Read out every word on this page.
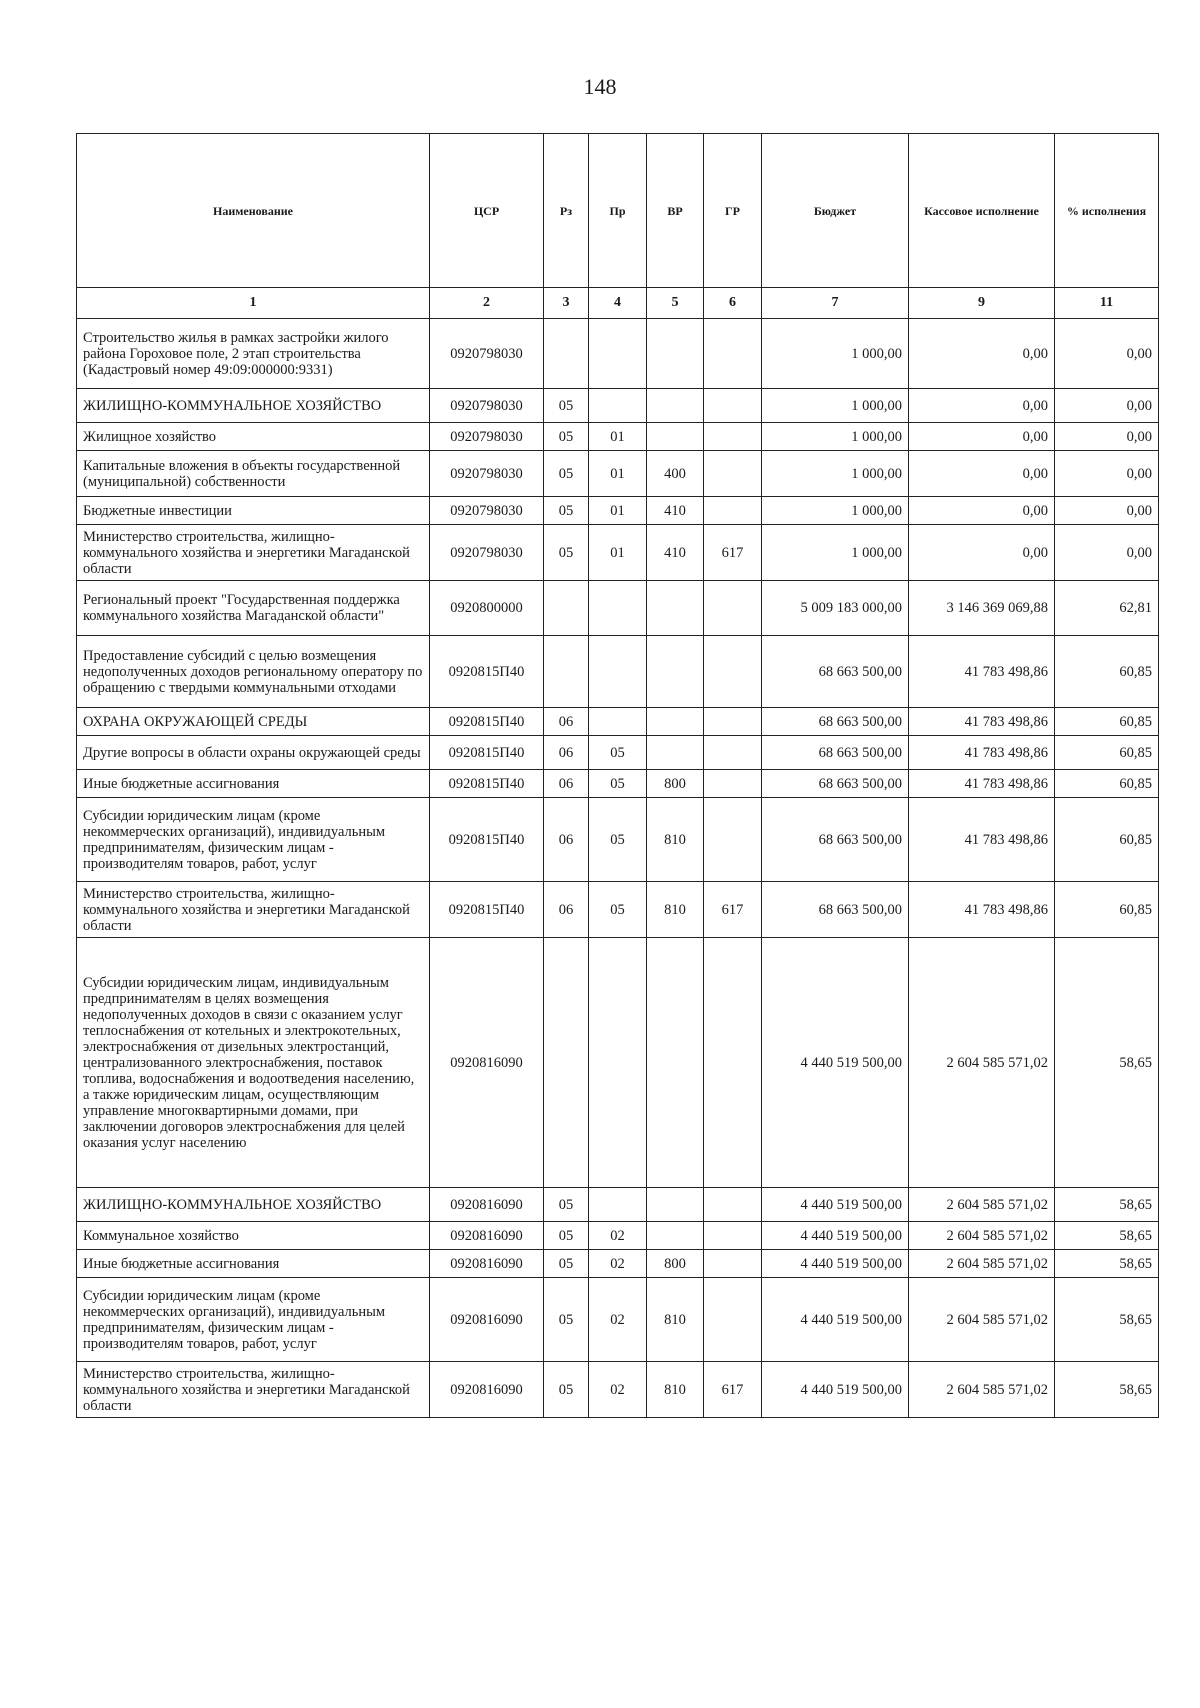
148
Наименование	ЦСР	Рз	Пр	ВР	ГР	Бюджет	Кассовое исполнение	% исполнения
1	2	3	4	5	6	7	9	11
Строительство жилья в рамках застройки жилого района Гороховое поле, 2 этап строительства (Кадастровый номер 49:09:000000:9331)	0920798030					1 000,00	0,00	0,00
ЖИЛИЩНО-КОММУНАЛЬНОЕ ХОЗЯЙСТВО	0920798030	05				1 000,00	0,00	0,00
Жилищное хозяйство	0920798030	05	01			1 000,00	0,00	0,00
Капитальные вложения в объекты государственной (муниципальной) собственности	0920798030	05	01	400		1 000,00	0,00	0,00
Бюджетные инвестиции	0920798030	05	01	410		1 000,00	0,00	0,00
Министерство строительства, жилищно-коммунального хозяйства и энергетики Магаданской области	0920798030	05	01	410	617	1 000,00	0,00	0,00
Региональный проект "Государственная поддержка коммунального хозяйства Магаданской области"	0920800000					5 009 183 000,00	3 146 369 069,88	62,81
Предоставление субсидий с целью возмещения недополученных доходов региональному оператору по обращению с твердыми коммунальными отходами	0920815П40					68 663 500,00	41 783 498,86	60,85
ОХРАНА ОКРУЖАЮЩЕЙ СРЕДЫ	0920815П40	06				68 663 500,00	41 783 498,86	60,85
Другие вопросы в области охраны окружающей среды	0920815П40	06	05			68 663 500,00	41 783 498,86	60,85
Иные бюджетные ассигнования	0920815П40	06	05	800		68 663 500,00	41 783 498,86	60,85
Субсидии юридическим лицам (кроме некоммерческих организаций), индивидуальным предпринимателям, физическим лицам - производителям товаров, работ, услуг	0920815П40	06	05	810		68 663 500,00	41 783 498,86	60,85
Министерство строительства, жилищно-коммунального хозяйства и энергетики Магаданской области	0920815П40	06	05	810	617	68 663 500,00	41 783 498,86	60,85
Субсидии юридическим лицам, индивидуальным предпринимателям в целях возмещения недополученных доходов в связи с оказанием услуг теплоснабжения от котельных и электрокотельных, электроснабжения от дизельных электростанций, централизованного электроснабжения, поставок топлива, водоснабжения и водоотведения населению, а также юридическим лицам, осуществляющим управление многоквартирными домами, при заключении договоров электроснабжения для целей оказания услуг населению	0920816090					4 440 519 500,00	2 604 585 571,02	58,65
ЖИЛИЩНО-КОММУНАЛЬНОЕ ХОЗЯЙСТВО	0920816090	05				4 440 519 500,00	2 604 585 571,02	58,65
Коммунальное хозяйство	0920816090	05	02			4 440 519 500,00	2 604 585 571,02	58,65
Иные бюджетные ассигнования	0920816090	05	02	800		4 440 519 500,00	2 604 585 571,02	58,65
Субсидии юридическим лицам (кроме некоммерческих организаций), индивидуальным предпринимателям, физическим лицам - производителям товаров, работ, услуг	0920816090	05	02	810		4 440 519 500,00	2 604 585 571,02	58,65
Министерство строительства, жилищно-коммунального хозяйства и энергетики Магаданской области	0920816090	05	02	810	617	4 440 519 500,00	2 604 585 571,02	58,65
